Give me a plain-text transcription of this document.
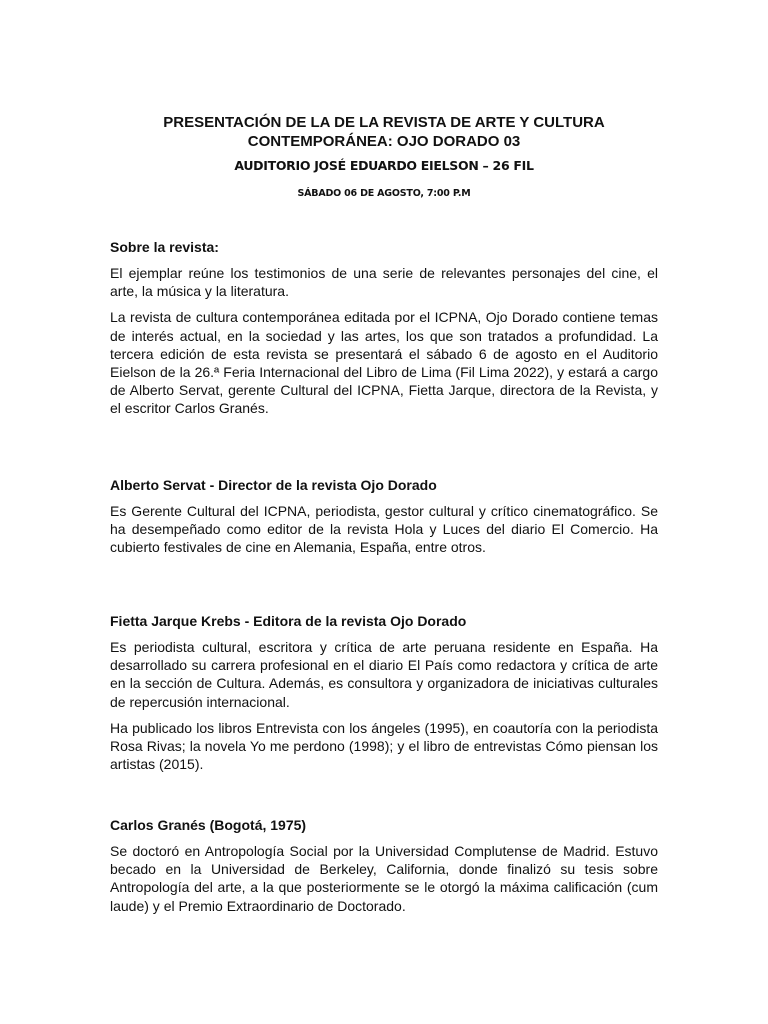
PRESENTACIÓN DE LA DE LA REVISTA DE ARTE Y CULTURA CONTEMPORÁNEA: OJO DORADO 03
AUDITORIO JOSÉ EDUARDO EIELSON – 26 FIL
SÁBADO 06 DE AGOSTO, 7:00 P.M
Sobre la revista:

El ejemplar reúne los testimonios de una serie de relevantes personajes del cine, el arte, la música y la literatura.

La revista de cultura contemporánea editada por el ICPNA, Ojo Dorado contiene temas de interés actual, en la sociedad y las artes, los que son tratados a profundidad. La tercera edición de esta revista se presentará el sábado 6 de agosto en el Auditorio Eielson de la 26.ª Feria Internacional del Libro de Lima (Fil Lima 2022), y estará a cargo de Alberto Servat, gerente Cultural del ICPNA, Fietta Jarque, directora de la Revista, y el escritor Carlos Granés.

Alberto Servat - Director de la revista Ojo Dorado

Es Gerente Cultural del ICPNA, periodista, gestor cultural y crítico cinematográfico. Se ha desempeñado como editor de la revista Hola y Luces del diario El Comercio. Ha cubierto festivales de cine en Alemania, España, entre otros.

Fietta Jarque Krebs - Editora de la revista Ojo Dorado

Es periodista cultural, escritora y crítica de arte peruana residente en España. Ha desarrollado su carrera profesional en el diario El País como redactora y crítica de arte en la sección de Cultura. Además, es consultora y organizadora de iniciativas culturales de repercusión internacional.

Ha publicado los libros Entrevista con los ángeles (1995), en coautoría con la periodista Rosa Rivas; la novela Yo me perdono (1998); y el libro de entrevistas Cómo piensan los artistas (2015).

Carlos Granés (Bogotá, 1975)

Se doctoró en Antropología Social por la Universidad Complutense de Madrid. Estuvo becado en la Universidad de Berkeley, California, donde finalizó su tesis sobre Antropología del arte, a la que posteriormente se le otorgó la máxima calificación (cum laude) y el Premio Extraordinario de Doctorado.
